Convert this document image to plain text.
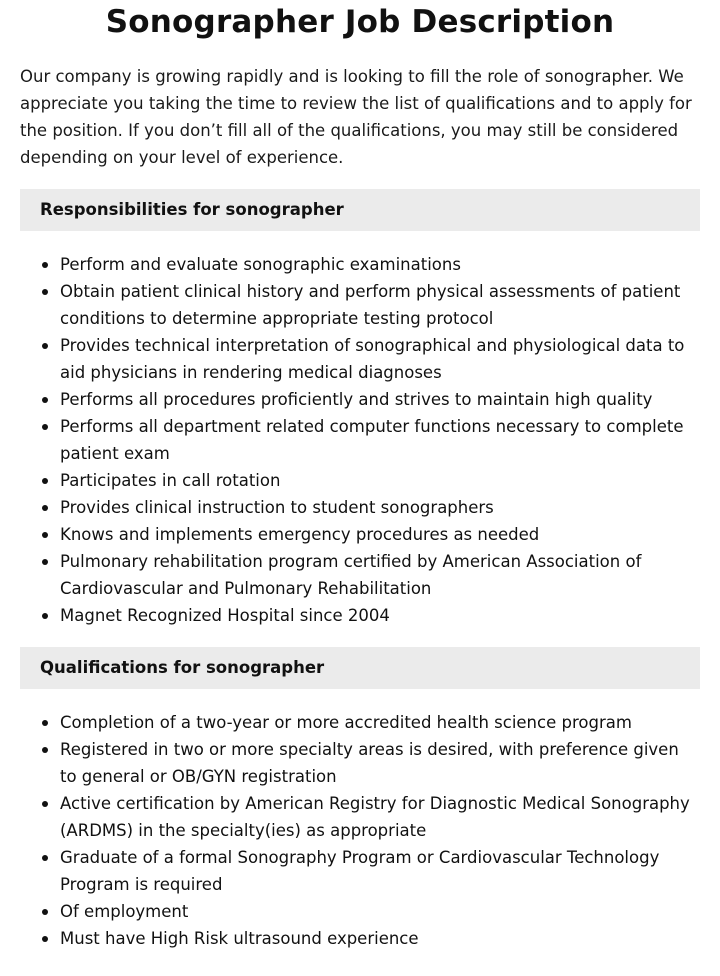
Sonographer Job Description

Our company is growing rapidly and is looking to fill the role of sonographer. We appreciate you taking the time to review the list of qualifications and to apply for the position. If you don’t fill all of the qualifications, you may still be considered depending on your level of experience.

Responsibilities for sonographer
Perform and evaluate sonographic examinations
Obtain patient clinical history and perform physical assessments of patient conditions to determine appropriate testing protocol
Provides technical interpretation of sonographical and physiological data to aid physicians in rendering medical diagnoses
Performs all procedures proficiently and strives to maintain high quality
Performs all department related computer functions necessary to complete patient exam
Participates in call rotation
Provides clinical instruction to student sonographers
Knows and implements emergency procedures as needed
Pulmonary rehabilitation program certified by American Association of Cardiovascular and Pulmonary Rehabilitation
Magnet Recognized Hospital since 2004
Qualifications for sonographer
Completion of a two-year or more accredited health science program
Registered in two or more specialty areas is desired, with preference given to general or OB/GYN registration
Active certification by American Registry for Diagnostic Medical Sonography (ARDMS) in the specialty(ies) as appropriate
Graduate of a formal Sonography Program or Cardiovascular Technology Program is required
Of employment
Must have High Risk ultrasound experience
